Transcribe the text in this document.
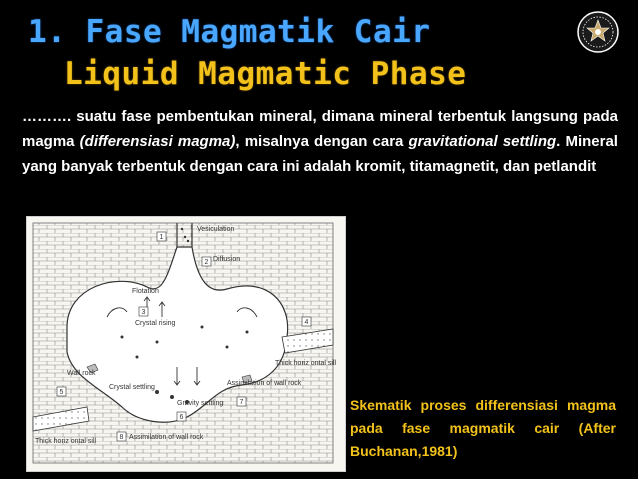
1. Fase Magmatik Cair
Liquid Magmatic Phase
………. suatu fase pembentukan mineral, dimana mineral terbentuk langsung pada magma (differensiasi magma), misalnya dengan cara gravitational settling. Mineral yang banyak terbentuk dengan cara ini adalah kromit, titamagnetit, dan petlandit
1
2
3
4
5
6
7
8
Vesiculation
Diffusion
Flotation
Crystal rising
Wall rock
Crystal settling
Gravity settling
Thick horiz ontal sill
Thick horiz ontal sill
Assimilation of wall rock
Assimilation of wall rock
Skematik proses differensiasi magma pada fase magmatik cair (After Buchanan,1981)
